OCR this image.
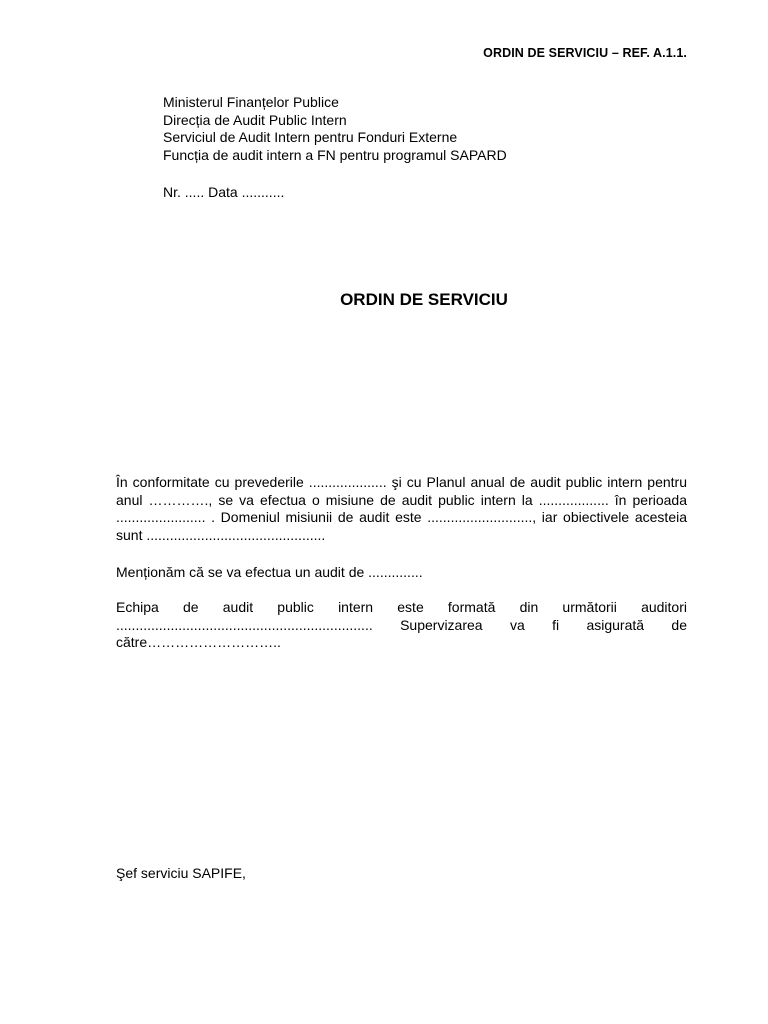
ORDIN DE SERVICIU – REF. A.1.1.
Ministerul Finanțelor Publice
Direcția de Audit Public Intern
Serviciul de Audit Intern pentru Fonduri Externe
Funcția de audit intern a FN pentru programul SAPARD
Nr. ..... Data ...........
ORDIN DE SERVICIU
În conformitate cu prevederile .................... şi cu Planul anual de audit public intern pentru anul …………., se va efectua o misiune de audit public intern la .................. în perioada ....................... . Domeniul misiunii de audit este ..........................., iar obiectivele acesteia sunt ..............................................
Menționăm că se va efectua un audit de ..............
Echipa de audit public intern este formată din următorii auditori .................................................................. Supervizarea va fi asigurată de către………………………..
Şef serviciu SAPIFE,
